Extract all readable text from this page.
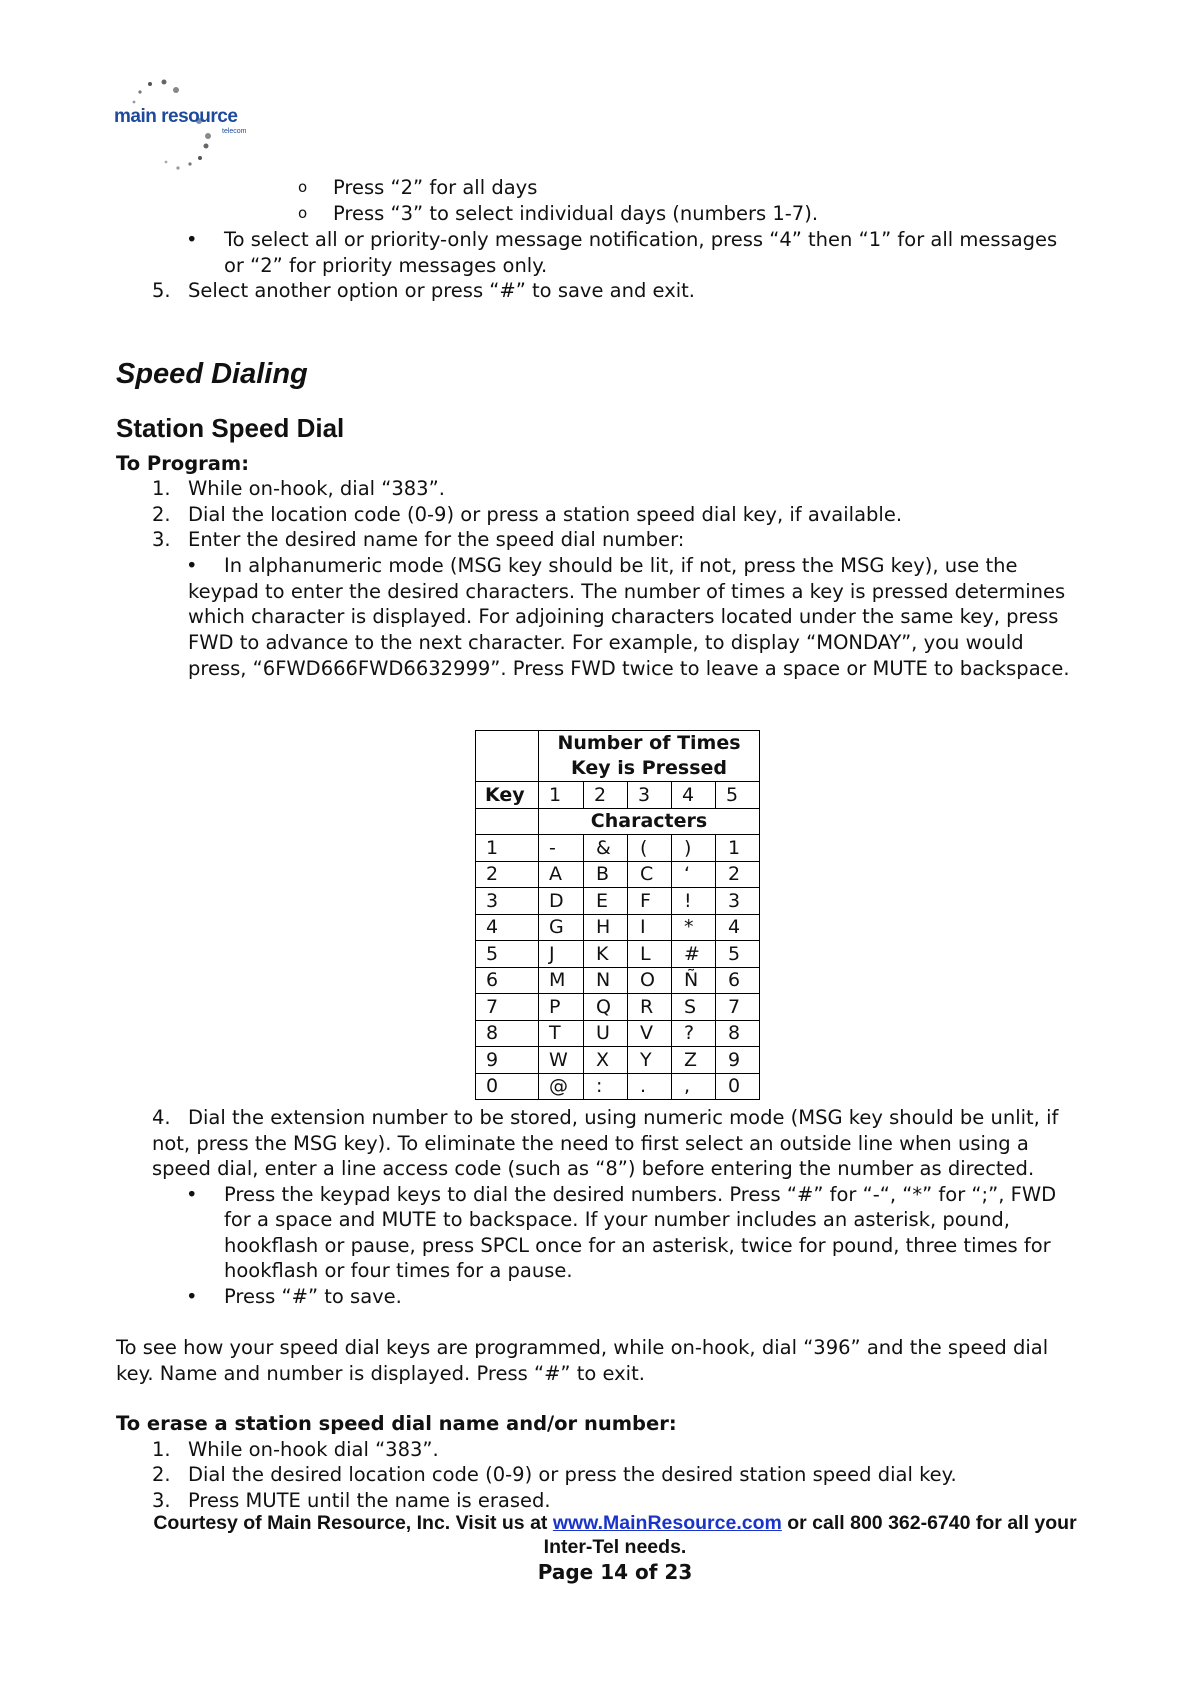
main resource
telecom
o Press “2” for all days
o Press “3” to select individual days (numbers 1-7).
• To select all or priority-only message notification, press “4” then “1” for all messages
or “2” for priority messages only.
5. Select another option or press “#” to save and exit.
Speed Dialing
Station Speed Dial
To Program:
1. While on-hook, dial “383”.
2. Dial the location code (0-9) or press a station speed dial key, if available.
3. Enter the desired name for the speed dial number:
• In alphanumeric mode (MSG key should be lit, if not, press the MSG key), use the
keypad to enter the desired characters. The number of times a key is pressed determines
which character is displayed. For adjoining characters located under the same key, press
FWD to advance to the next character. For example, to display “MONDAY”, you would
press, “6FWD666FWD6632999”. Press FWD twice to leave a space or MUTE to backspace.
	Number of Times
Key is Pressed				
Key	1	2	3	4	5
	Characters				
1	-	&	(	)	1
2	A	B	C	‘	2
3	D	E	F	!	3
4	G	H	I	*	4
5	J	K	L	#	5
6	M	N	O	Ñ	6
7	P	Q	R	S	7
8	T	U	V	?	8
9	W	X	Y	Z	9
0	@	:	.	,	0
4. Dial the extension number to be stored, using numeric mode (MSG key should be unlit, if
not, press the MSG key). To eliminate the need to first select an outside line when using a
speed dial, enter a line access code (such as “8”) before entering the number as directed.
• Press the keypad keys to dial the desired numbers. Press “#” for “-“, “*” for “;”, FWD
for a space and MUTE to backspace. If your number includes an asterisk, pound,
hookflash or pause, press SPCL once for an asterisk, twice for pound, three times for
hookflash or four times for a pause.
• Press “#” to save.
To see how your speed dial keys are programmed, while on-hook, dial “396” and the speed dial
key. Name and number is displayed. Press “#” to exit.
To erase a station speed dial name and/or number:
1. While on-hook dial “383”.
2. Dial the desired location code (0-9) or press the desired station speed dial key.
3. Press MUTE until the name is erased.
Courtesy of Main Resource, Inc. Visit us at www.MainResource.com or call 800 362-6740 for all your
Inter-Tel needs.
Page 14 of 23
